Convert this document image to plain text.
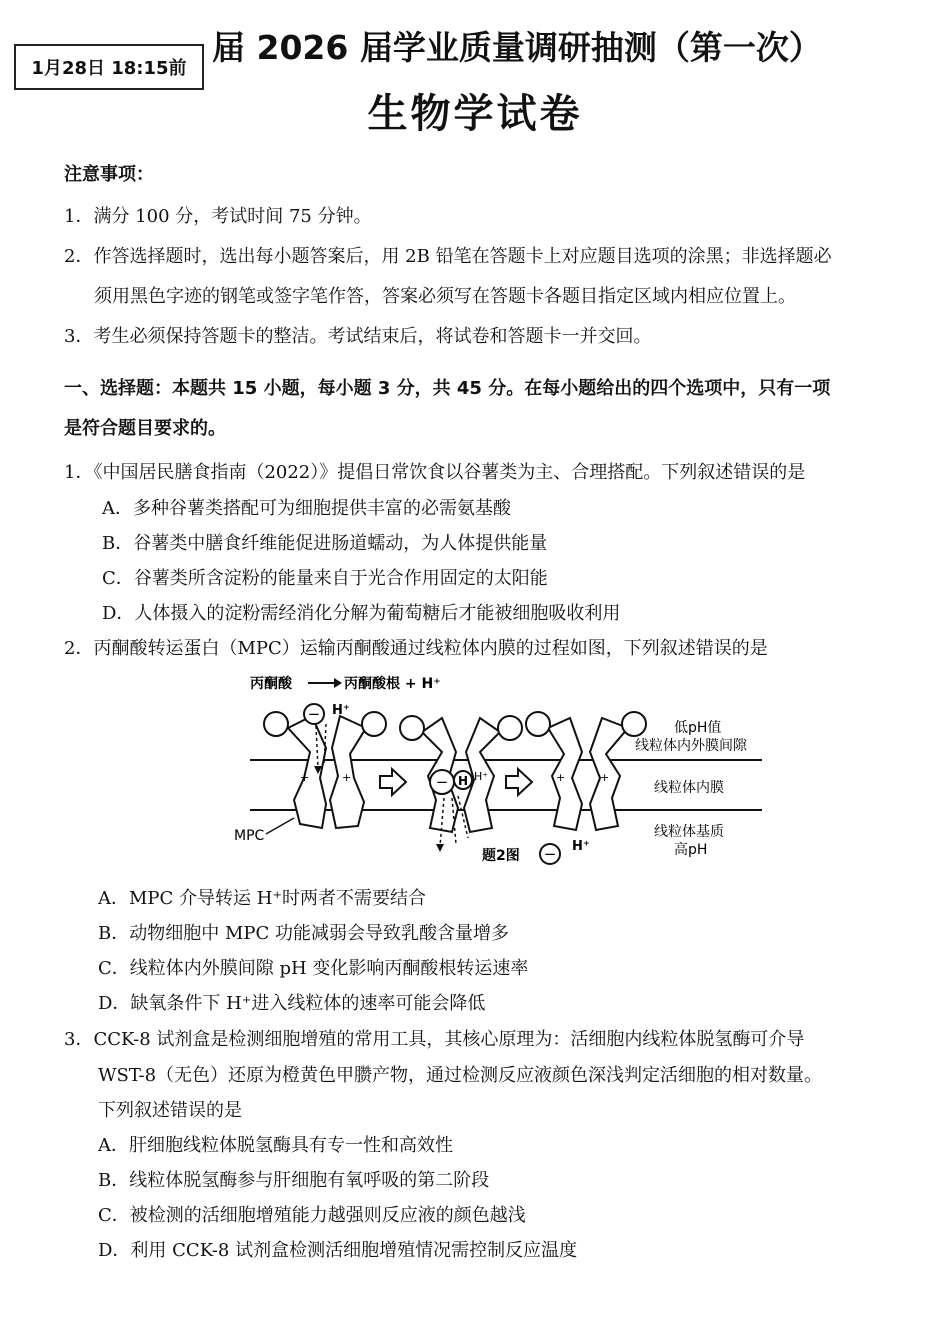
1月28日 18:15前
届 2026 届学业质量调研抽测（第一次）
生物学试卷
注意事项：
1．满分 100 分，考试时间 75 分钟。
2．作答选择题时，选出每小题答案后，用 2B 铅笔在答题卡上对应题目选项的涂黑；非选择题必
须用黑色字迹的钢笔或签字笔作答，答案必须写在答题卡各题目指定区域内相应位置上。
3．考生必须保持答题卡的整洁。考试结束后，将试卷和答题卡一并交回。
一、选择题：本题共 15 小题，每小题 3 分，共 45 分。在每小题给出的四个选项中，只有一项
是符合题目要求的。
1．《中国居民膳食指南（2022）》提倡日常饮食以谷薯类为主、合理搭配。下列叙述错误的是
A．多种谷薯类搭配可为细胞提供丰富的必需氨基酸
B．谷薯类中膳食纤维能促进肠道蠕动，为人体提供能量
C．谷薯类所含淀粉的能量来自于光合作用固定的太阳能
D．人体摄入的淀粉需经消化分解为葡萄糖后才能被细胞吸收利用
2．丙酮酸转运蛋白（MPC）运输丙酮酸通过线粒体内膜的过程如图，下列叙述错误的是
丙酮酸	丙酮酸根 + H⁺
− H⁺
+	+	− H H⁺	+	+
低pH值
线粒体内外膜间隙
线粒体内膜
线粒体基质
高pH
MPC
题2图 − H⁺
A．MPC 介导转运 H⁺时两者不需要结合
B．动物细胞中 MPC 功能减弱会导致乳酸含量增多
C．线粒体内外膜间隙 pH 变化影响丙酮酸根转运速率
D．缺氧条件下 H⁺进入线粒体的速率可能会降低
3．CCK-8 试剂盒是检测细胞增殖的常用工具，其核心原理为：活细胞内线粒体脱氢酶可介导
WST-8（无色）还原为橙黄色甲臜产物，通过检测反应液颜色深浅判定活细胞的相对数量。
下列叙述错误的是
A．肝细胞线粒体脱氢酶具有专一性和高效性
B．线粒体脱氢酶参与肝细胞有氧呼吸的第二阶段
C．被检测的活细胞增殖能力越强则反应液的颜色越浅
D．利用 CCK-8 试剂盒检测活细胞增殖情况需控制反应温度
